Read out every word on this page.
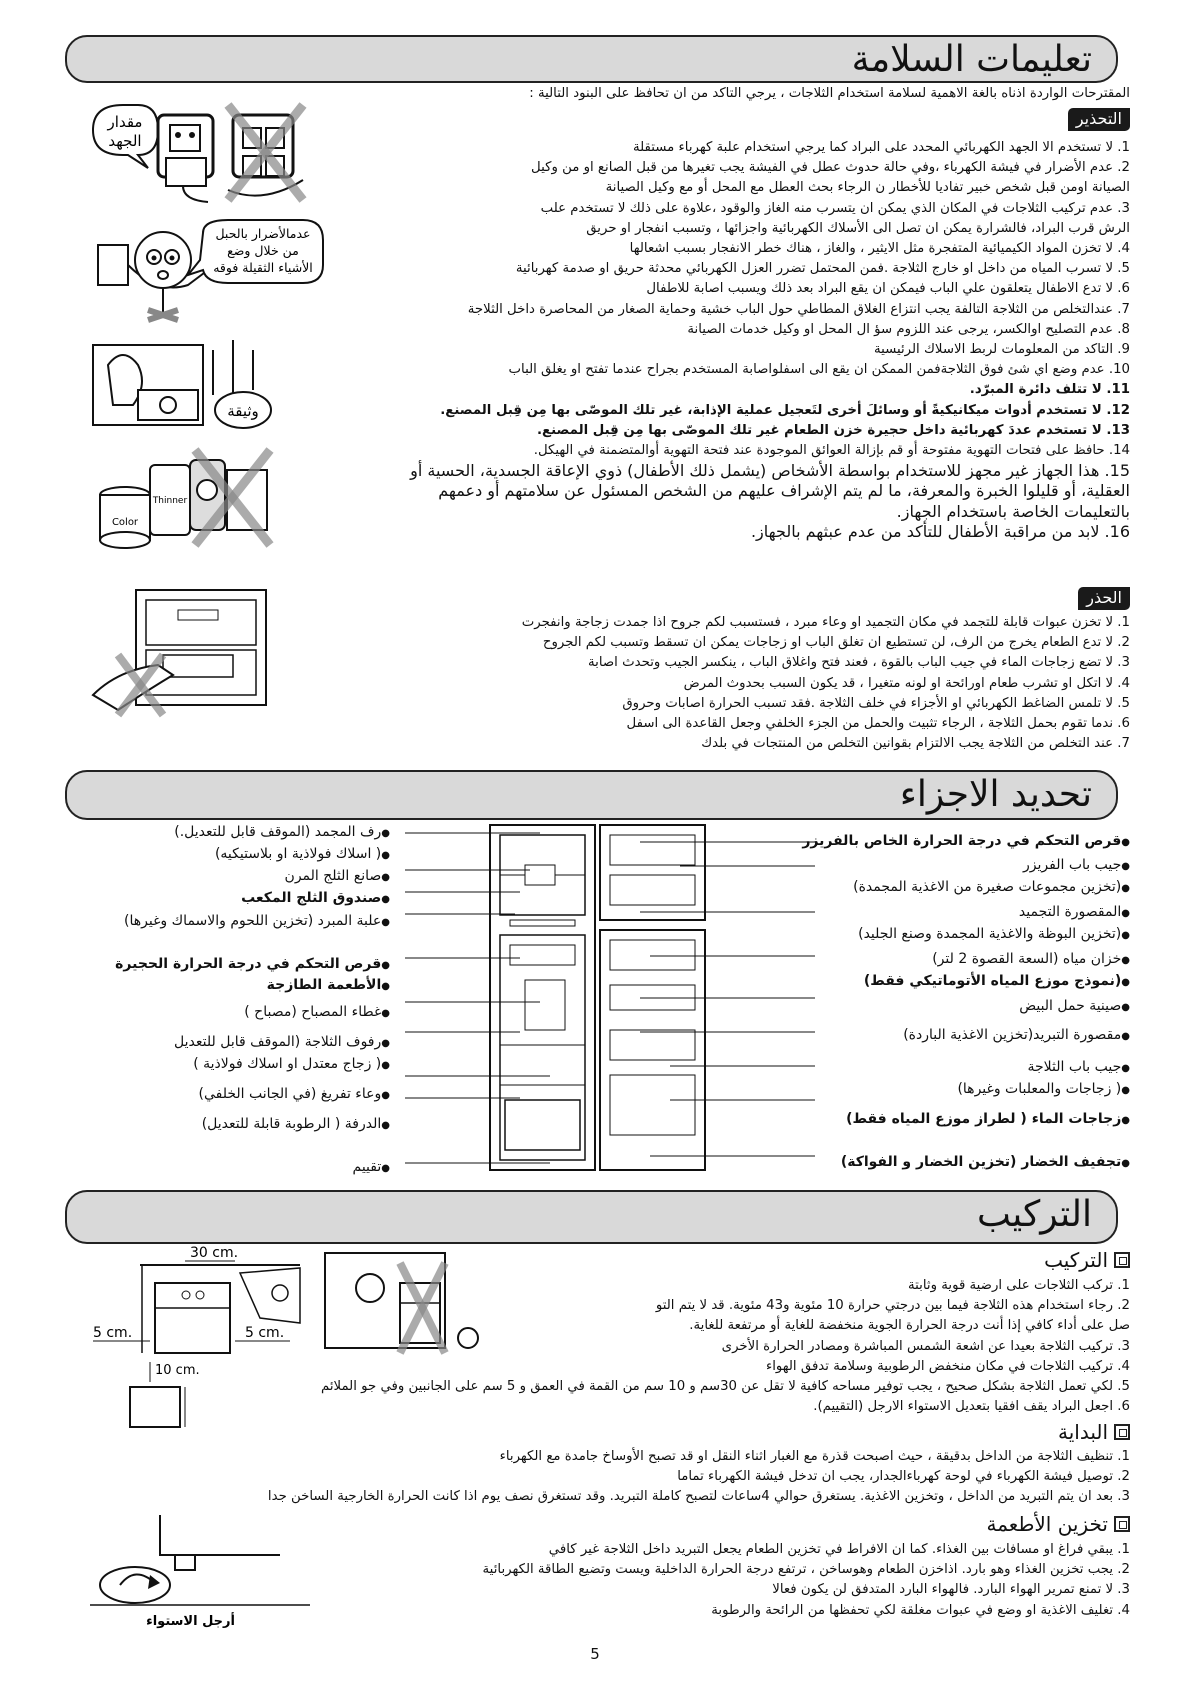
تعليمات السلامة
المقترحات الواردة اذناه بالغة الاهمية لسلامة استخدام الثلاجات ، يرجي التاكد من ان تحافظ على البنود التالية :
التحذير
1. لا تستخدم الا الجهد الكهربائي المحدد على البراد كما يرجي استخدام علبة كهرباء مستقلة
2. عدم الأضرار في فيشة الكهرباء ،وفي حالة حدوث عطل في الفيشة يجب تغيرها من قبل الصانع او من وكيل
الصيانة اومن قبل شخص خبير تفاديا للأخطار ن الرجاء بحث العطل مع المحل أو مع وكيل الصيانة
3. عدم تركيب الثلاجات في المكان الذي يمكن ان يتسرب منه الغاز والوقود ،علاوة على ذلك لا تستخدم علب
الرش قرب البراد، فالشرارة يمكن ان تصل الى الأسلاك الكهربائية واجزائها ، وتسبب انفجار او حريق
4. لا تخزن المواد الكيميائية المتفجرة مثل الايثير ، والغاز ، هناك خطر الانفجار بسبب اشعالها
5. لا تسرب المياه من داخل او خارج الثلاجة .فمن المحتمل تضرر العزل الكهربائي محدثة حريق او صدمة كهربائية
6. لا تدع الاطفال يتعلقون علي الباب فيمكن ان يقع البراد بعد ذلك ويسبب اصابة للاطفال
7. عندالتخلص من الثلاجة التالفة يجب انتزاع الغلاق المطاطي حول الباب خشية وحماية الصغار من المحاصرة داخل الثلاجة
8. عدم التصليح اوالكسر، يرجى عند اللزوم سؤ ال المحل او وكيل خدمات الصيانة
9. التاكد من المعلومات لربط الاسلاك الرئيسية
10. عدم وضع اي شئ فوق الثلاجةفمن الممكن ان يقع الى اسفلواصابة المستخدم بجراح عندما تفتح او يغلق الباب
11. لا تتلف دائرة المبرّد.
12. لا تستخدم أدوات ميكانيكيةً أو وسائلَ أخرى لتَعجيل عملية الإذابة، غير تلك الموصّى بها مِن قِبل المصنع.
13. لا تستخدم عددَ كهربائية داخل حجيرة خزن الطعام غير تلك الموصّى بها مِن قِبل المصنع.
14. حافظ على فتحات التهوية مفتوحة أو قم بإزالة العوائق الموجودة عند فتحة التهوية أوالمتضمنة في الهيكل.
15. هذا الجهاز غير مجهز للاستخدام بواسطة الأشخاص (يشمل ذلك الأطفال) ذوي الإعاقة الجسدية، الحسية أو
العقلية، أو قليلوا الخبرة والمعرفة، ما لم يتم الإشراف عليهم من الشخص المسئول عن سلامتهم أو دعمهم
بالتعليمات الخاصة باستخدام الجهاز.
16. لابد من مراقبة الأطفال للتأكد من عدم عبثهم بالجهاز.
الحذر
1. لا تخزن عبوات قابلة للتجمد في مكان التجميد او وعاء مبرد ، فستسبب لكم جروح اذا جمدت زجاجة وانفجرت
2. لا تدع الطعام يخرج من الرف، لن تستطيع ان تغلق الباب او زجاجات يمكن ان تسقط وتسبب لكم الجروح
3. لا تضع زجاجات الماء في جيب الباب بالقوة ، فعند فتح واغلاق الباب ، ينكسر الجيب وتحدث اصابة
4. لا اتكل او تشرب طعام اورائحة او لونه متغيرا ، قد يكون السبب بحدوث المرض
5. لا تلمس الضاغط الكهربائي او الأجزاء في خلف الثلاجة .فقد تسبب الحرارة اصابات وحروق
6. ندما تقوم بحمل الثلاجة ، الرجاء تثبيت والحمل من الجزء الخلفي وجعل القاعدة الى اسفل
7. عند التخلص من الثلاجة يجب الالتزام بقوانين التخلص من المنتجات في بلدك
مقدار
الجهد
عدمالأضرار بالحبل
من خلال وضع
الأشياء الثقيلة فوقه
وثيقة
Color
Thinner
تحديد الاجزاء
●رف المجمد (الموقف قابل للتعديل.)
●( اسلاك فولاذية او بلاستيكيه)
●صانع الثلج المرن
●صندوق الثلج المكعب
●علبة المبرد (تخزين اللحوم والاسماك وغيرها)
●قرص التحكم في درجة الحرارة الحجيرة
●الأطعمة الطازجة
●غطاء المصباح (مصباح )
●رفوف الثلاجة (الموقف قابل للتعديل
●( زجاج معتدل او اسلاك فولاذية )
●وعاء تفريغ (في الجانب الخلفي)
●الدرفة ( الرطوبة قابلة للتعديل)
●تقييم
●قرص التحكم في درجة الحرارة الخاص بالفريزر
●جيب باب الفريزر
●(تخزين مجموعات صغيرة من الاغذية المجمدة)
●المقصورة التجميد
●(تخزين البوظة والاغذية المجمدة وصنع الجليد)
●خزان مياه (السعة القصوة 2 لتر)
●(نموذج موزع المياه الأتوماتيكي فقط)
●صينية حمل البيض
●مقصورة التبريد(تخزين الاغذية الباردة)
●جيب باب الثلاجة
●( زجاجات والمعلبات وغيرها)
●زجاجات الماء ( لطراز موزع المياه فقط)
●تجفيف الخضار (تخزين الخضار و الفواكة)
التركيب
التركيب
1. تركب الثلاجات على ارضية قوية وثابتة
2. رجاء استخدام هذه الثلاجة فيما بين درجتي حرارة 10 مئوية و43 مئوية. قد لا يتم التو
صل على أداء كافي إذا أنت درجة الحرارة الجوية منخفضة للغاية أو مرتفعة للغاية.
3. تركيب الثلاجة بعيدا عن اشعة الشمس المباشرة ومصادر الحرارة الأخرى
4. تركيب الثلاجات في مكان منخفض الرطوبية وسلامة تدفق الهواء
5. لكي تعمل الثلاجة بشكل صحيح ، يجب توفير مساحه كافية لا تقل عن 30سم و 10 سم من القمة في العمق و 5 سم على الجانبين وفي جو الملائم
6. اجعل البراد يقف افقيا بتعديل الاستواء الارجل (التقييم).
البداية
1. تنظيف الثلاجة من الداخل بدقيقة ، حيث اصبحت قذرة مع الغبار اثناء النقل او قد تصبح الأوساخ جامدة مع الكهرباء
2. توصيل فيشة الكهرباء في لوحة كهرباءالجدار، يجب ان تدخل فيشة الكهرباء تماما
3. بعد ان يتم التبريد من الداخل ، وتخزين الاغذية. يستغرق حوالي 4ساعات لتصبح كاملة التبريد. وقد تستغرق نصف يوم اذا كانت الحرارة الخارجية الساخن جدا
تخزين الأطعمة
1. يبقي فراغ او مسافات بين الغذاء. كما ان الافراط في تخزين الطعام يجعل التبريد داخل الثلاجة غير كافي
2. يجب تخزين الغذاء وهو بارد. اذاخزن الطعام وهوساخن ، ترتفع درجة الحرارة الداخلية ويست وتضيع الطاقة الكهربائية
3. لا تمنع تمرير الهواء البارد. فالهواء البارد المتدفق لن يكون فعالا
4. تغليف الاغذية او وضع في عبوات مغلقة لكي تحفظها من الرائحة والرطوبة
30 cm.
5 cm.	5 cm.
10 cm.
أرجل الاستواء
5
